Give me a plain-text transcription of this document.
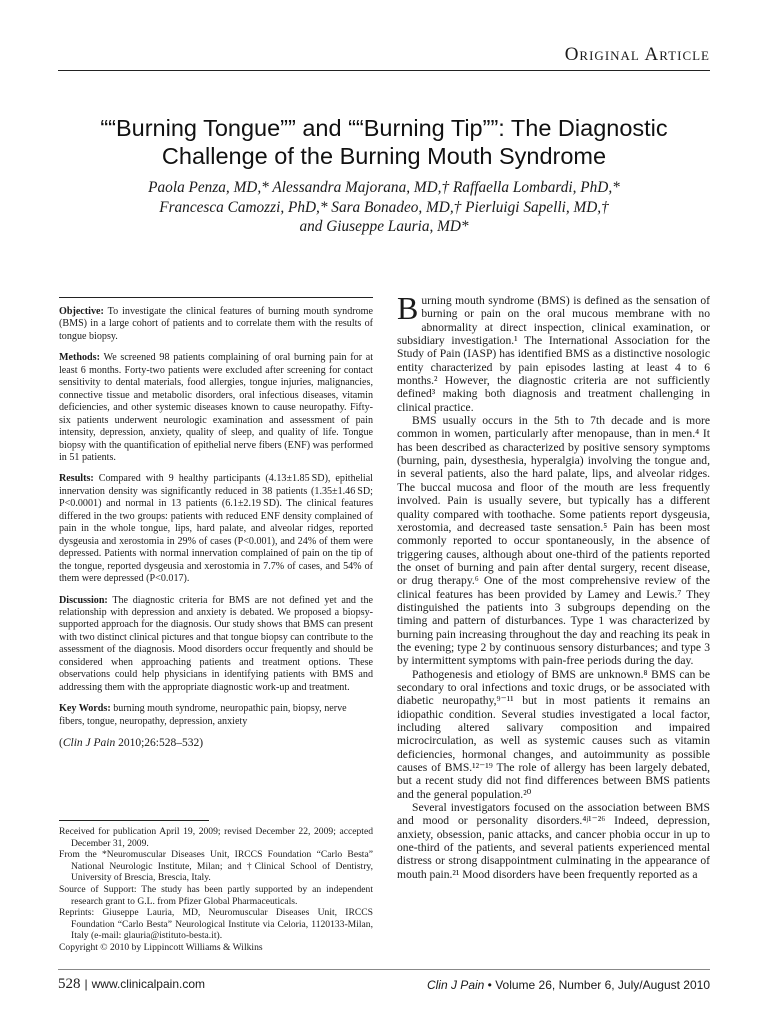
Original Article
““Burning Tongue”” and ““Burning Tip””: The Diagnostic
Challenge of the Burning Mouth Syndrome
Paola Penza, MD,* Alessandra Majorana, MD,† Raffaella Lombardi, PhD,*
Francesca Camozzi, PhD,* Sara Bonadeo, MD,† Pierluigi Sapelli, MD,†
and Giuseppe Lauria, MD*

Objective: To investigate the clinical features of burning mouth syndrome (BMS) in a large cohort of patients and to correlate them with the results of tongue biopsy.

Methods: We screened 98 patients complaining of oral burning pain for at least 6 months. Forty-two patients were excluded after screening for contact sensitivity to dental materials, food allergies, tongue injuries, malignancies, connective tissue and metabolic disorders, oral infectious diseases, vitamin deficiencies, and other systemic diseases known to cause neuropathy. Fifty-six patients underwent neurologic examination and assessment of pain intensity, depression, anxiety, quality of sleep, and quality of life. Tongue biopsy with the quantification of epithelial nerve fibers (ENF) was performed in 51 patients.

Results: Compared with 9 healthy participants (4.13±1.85 SD), epithelial innervation density was significantly reduced in 38 patients (1.35±1.46 SD; P<0.0001) and normal in 13 patients (6.1±2.19 SD). The clinical features differed in the two groups: patients with reduced ENF density complained of pain in the whole tongue, lips, hard palate, and alveolar ridges, reported dysgeusia and xerostomia in 29% of cases (P<0.001), and 24% of them were depressed. Patients with normal innervation complained of pain on the tip of the tongue, reported dysgeusia and xerostomia in 7.7% of cases, and 54% of them were depressed (P<0.017).

Discussion: The diagnostic criteria for BMS are not defined yet and the relationship with depression and anxiety is debated. We proposed a biopsy-supported approach for the diagnosis. Our study shows that BMS can present with two distinct clinical pictures and that tongue biopsy can contribute to the assessment of the diagnosis. Mood disorders occur frequently and should be considered when approaching patients and treatment options. These observations could help physicians in identifying patients with BMS and addressing them with the appropriate diagnostic work-up and treatment.

Key Words: burning mouth syndrome, neuropathic pain, biopsy, nerve fibers, tongue, neuropathy, depression, anxiety

(Clin J Pain 2010;26:528–532)

Received for publication April 19, 2009; revised December 22, 2009; accepted December 31, 2009.
From the *Neuromuscular Diseases Unit, IRCCS Foundation “Carlo Besta” National Neurologic Institute, Milan; and †Clinical School of Dentistry, University of Brescia, Brescia, Italy.
Source of Support: The study has been partly supported by an independent research grant to G.L. from Pfizer Global Pharmaceuticals.
Reprints: Giuseppe Lauria, MD, Neuromuscular Diseases Unit, IRCCS Foundation “Carlo Besta” Neurological Institute via Celoria, 1120133-Milan, Italy (e-mail: glauria@istituto-besta.it).
Copyright © 2010 by Lippincott Williams & Wilkins

Burning mouth syndrome (BMS) is defined as the sensation of burning or pain on the oral mucous membrane with no abnormality at direct inspection, clinical examination, or subsidiary investigation.¹ The International Association for the Study of Pain (IASP) has identified BMS as a distinctive nosologic entity characterized by pain episodes lasting at least 4 to 6 months.² However, the diagnostic criteria are not sufficiently defined³ making both diagnosis and treatment challenging in clinical practice.

BMS usually occurs in the 5th to 7th decade and is more common in women, particularly after menopause, than in men.⁴ It has been described as characterized by positive sensory symptoms (burning, pain, dysesthesia, hyperalgia) involving the tongue and, in several patients, also the hard palate, lips, and alveolar ridges. The buccal mucosa and floor of the mouth are less frequently involved. Pain is usually severe, but typically has a different quality compared with toothache. Some patients report dysgeusia, xerostomia, and decreased taste sensation.⁵ Pain has been most commonly reported to occur spontaneously, in the absence of triggering causes, although about one-third of the patients reported the onset of burning and pain after dental surgery, recent disease, or drug therapy.⁶ One of the most comprehensive review of the clinical features has been provided by Lamey and Lewis.⁷ They distinguished the patients into 3 subgroups depending on the timing and pattern of disturbances. Type 1 was characterized by burning pain increasing throughout the day and reaching its peak in the evening; type 2 by continuous sensory disturbances; and type 3 by intermittent symptoms with pain-free periods during the day.

Pathogenesis and etiology of BMS are unknown.⁸ BMS can be secondary to oral infections and toxic drugs, or be associated with diabetic neuropathy,⁹⁻¹¹ but in most patients it remains an idiopathic condition. Several studies investigated a local factor, including altered salivary composition and impaired microcirculation, as well as systemic causes such as vitamin deficiencies, hormonal changes, and autoimmunity as possible causes of BMS.¹²⁻¹⁹ The role of allergy has been largely debated, but a recent study did not find differences between BMS patients and the general population.²⁰

Several investigators focused on the association between BMS and mood or personality disorders.⁴ʲ¹⁻²⁶ Indeed, depression, anxiety, obsession, panic attacks, and cancer phobia occur in up to one-third of the patients, and several patients experienced mental distress or strong disappointment culminating in the appearance of mouth pain.²¹ Mood disorders have been frequently reported as a

528 | www.clinicalpain.com	Clin J Pain • Volume 26, Number 6, July/August 2010
